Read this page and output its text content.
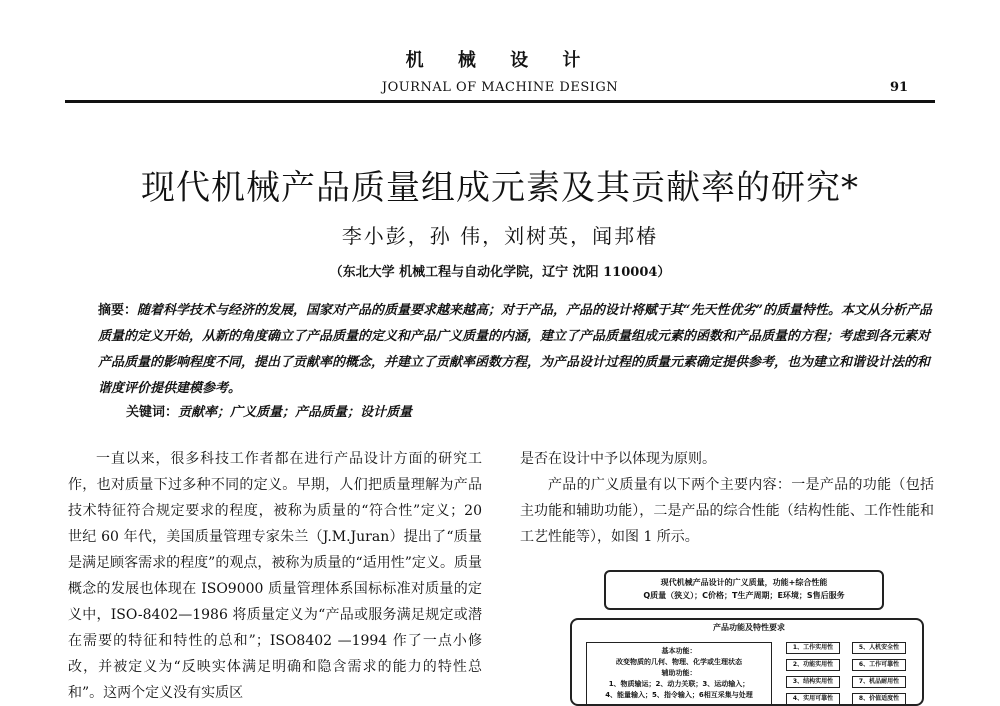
机 械 设 计
JOURNAL OF MACHINE DESIGN	91
现代机械产品质量组成元素及其贡献率的研究*
李小彭，孙 伟，刘树英，闻邦椿
（东北大学 机械工程与自动化学院，辽宁 沈阳 110004）
摘要：随着科学技术与经济的发展，国家对产品的质量要求越来越高；对于产品，产品的设计将赋于其“先天性优劣”的质量特性。本文从分析产品质量的定义开始，从新的角度确立了产品质量的定义和产品广义质量的内涵，建立了产品质量组成元素的函数和产品质量的方程；考虑到各元素对产品质量的影响程度不同，提出了贡献率的概念，并建立了贡献率函数方程，为产品设计过程的质量元素确定提供参考，也为建立和谐设计法的和谐度评价提供建模参考。
关键词：贡献率；广义质量；产品质量；设计质量

一直以来，很多科技工作者都在进行产品设计方面的研究工作，也对质量下过多种不同的定义。早期，人们把质量理解为产品技术特征符合规定要求的程度，被称为质量的“符合性”定义；20 世纪 60 年代，美国质量管理专家朱兰（J.M.Juran）提出了“质量是满足顾客需求的程度”的观点，被称为质量的“适用性”定义。质量概念的发展也体现在 ISO9000 质量管理体系国标标准对质量的定义中，ISO-8402—1986 将质量定义为“产品或服务满足规定或潜在需要的特征和特性的总和”；ISO8402 —1994 作了一点小修改，并被定义为“反映实体满足明确和隐含需求的能力的特性总和”。这两个定义没有实质区

是否在设计中予以体现为原则。

产品的广义质量有以下两个主要内容：一是产品的功能（包括主功能和辅助功能），二是产品的综合性能（结构性能、工作性能和工艺性能等），如图 1 所示。

现代机械产品设计的广义质量，功能+综合性能
Q质量（狭义）；C价格；T生产周期；E环境；S售后服务
产品功能及特性要求
基本功能：
改变物质的几何、物理、化学或生理状态
辅助功能：
1、物质输运；2、动力关联；3、运动输入；
4、能量输入；5、指令输入；6相互采集与处理
1、工作实用性
2、功能实用性
3、结构实用性
4、实用可靠性
5、人机安全性
6、工作可靠性
7、机品耐用性
8、价值适度性
